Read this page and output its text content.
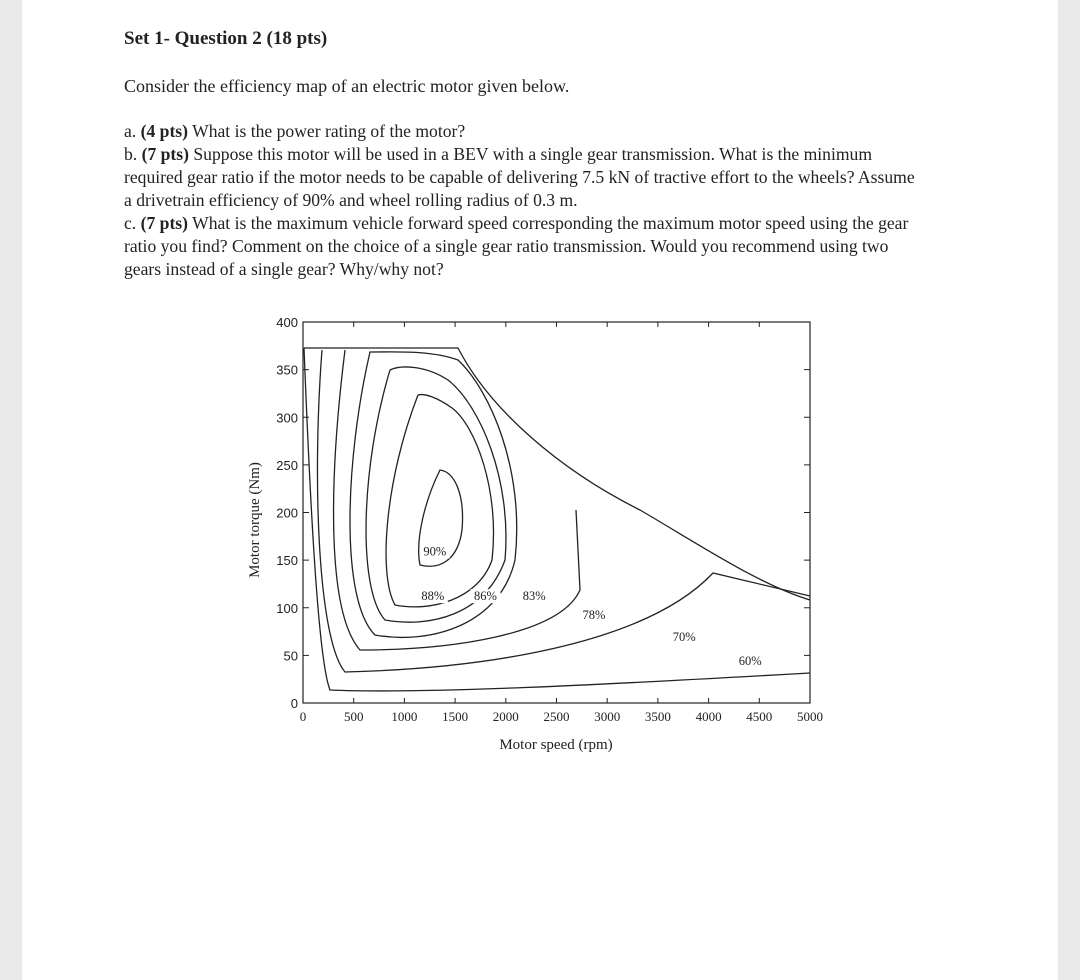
Set 1- Question 2 (18 pts)
Consider the efficiency map of an electric motor given below.

a. (4 pts) What is the power rating of the motor?

b. (7 pts) Suppose this motor will be used in a BEV with a single gear transmission. What is the minimum required gear ratio if the motor needs to be capable of delivering 7.5 kN of tractive effort to the wheels? Assume a drivetrain efficiency of 90% and wheel rolling radius of 0.3 m.

c. (7 pts) What is the maximum vehicle forward speed corresponding the maximum motor speed using the gear ratio you find? Comment on the choice of a single gear ratio transmission. Would you recommend using two gears instead of a single gear? Why/why not?

Motor speed (rpm)
Motor torque (Nm)
0	500 1000 1500 2000 2500 3000 3500 4000 4500 5000
0
50
100
150
200
250
300
350
400
90%
88% 86% 83%
78%
70%
60%
